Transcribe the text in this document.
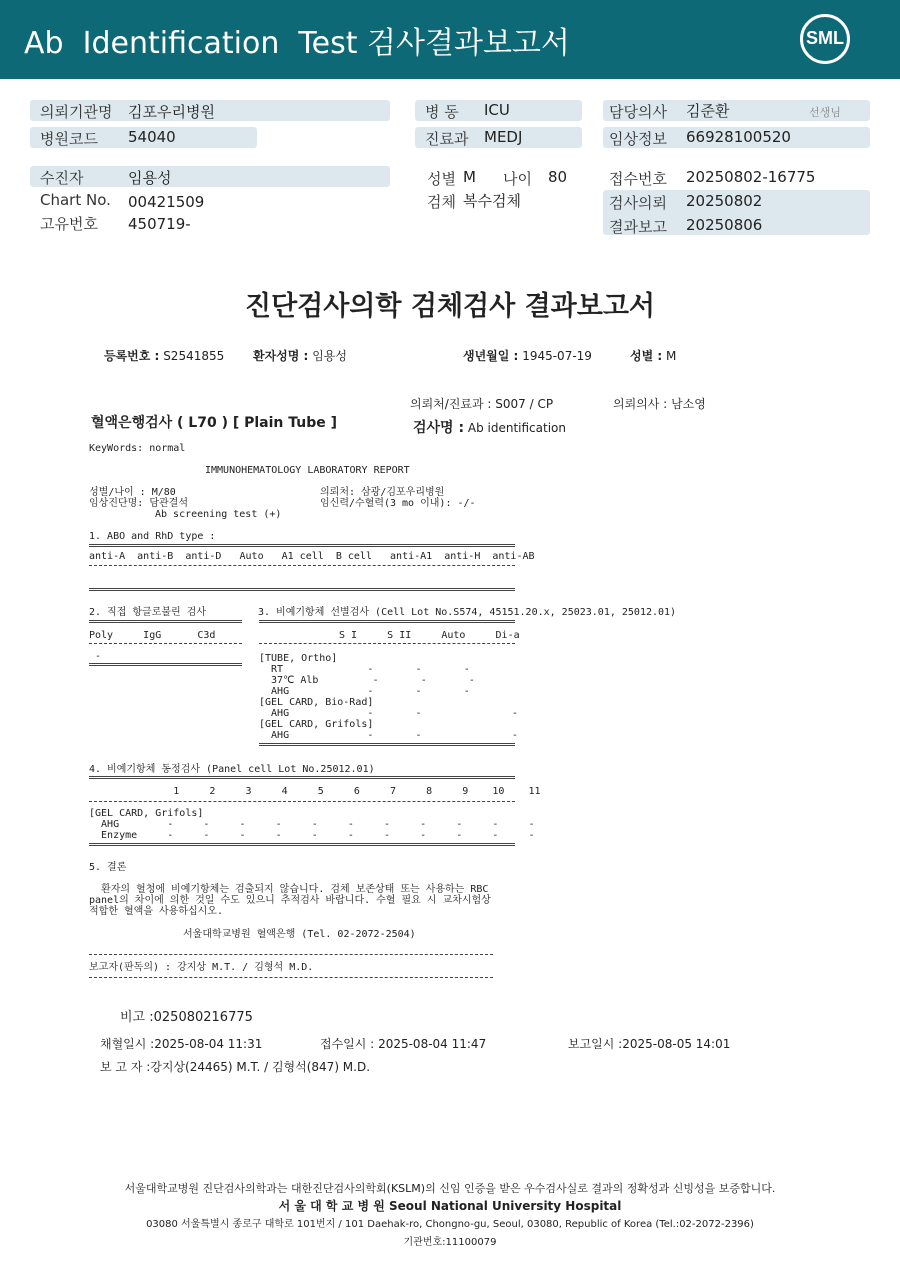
Ab  Identification  Test 검사결과보고서	SML
의뢰기관명 김포우리병원
병원코드 54040
병 동 ICU
진료과 MEDJ
담당의사 김준환	선생님
임상정보 66928100520
수진자	임용성
Chart No. 00421509
고유번호 450719-
성별 M 나이 80
검체 복수검체
접수번호 20250802-16775
검사의뢰 20250802
결과보고 20250806
진단검사의학 검체검사 결과보고서
등록번호 : S2541855 환자성명 : 임용성	생년월일 : 1945-07-19	성별 : M
의뢰처/진료과 : S007 / CP	의뢰의사 : 남소영
혈액은행검사 ( L70 ) [ Plain Tube ]	검사명 : Ab identification
KeyWords: normal
IMMUNOHEMATOLOGY LABORATORY REPORT
성별/나이 : M/80	의뢰처: 삼광/김포우리병원
임상진단명: 담관결석	임신력/수혈력(3 mo 이내): -/-
Ab screening test (+)
1. ABO and RhD type :
anti-A  anti-B  anti-D   Auto   A1 cell  B cell   anti-A1  anti-H  anti-AB
2. 직접 항글로불린 검사	3. 비예기항체 선별검사 (Cell Lot No.S574, 45151.20.x, 25023.01, 25012.01)
Poly     IgG      C3d	S I     S II     Auto     Di-a
-	[TUBE, Ortho]
RT              -       -       -
37℃ Alb         -       -       -
AHG             -       -       -
[GEL CARD, Bio-Rad]
AHG             -       -               -
[GEL CARD, Grifols]
AHG             -       -               -
4. 비예기항체 동정검사 (Panel cell Lot No.25012.01)
1     2     3     4     5     6     7     8     9    10    11
[GEL CARD, Grifols]
AHG        -     -     -     -     -     -     -     -     -     -     -
Enzyme     -     -     -     -     -     -     -     -     -     -     -
5. 결론
환자의 혈청에 비예기항체는 검출되지 않습니다. 검체 보존상태 또는 사용하는 RBC
panel의 차이에 의한 것일 수도 있으니 추적검사 바랍니다. 수혈 필요 시 교차시험상
적합한 혈액을 사용하십시오.
서울대학교병원 혈액은행 (Tel. 02-2072-2504)
보고자(판독의) : 강지상 M.T. / 김형석 M.D.
비고 :025080216775
채혈일시 :2025-08-04 11:31	접수일시 : 2025-08-04 11:47	보고일시 :2025-08-05 14:01
보 고 자 :강지상(24465) M.T. / 김형석(847) M.D.
서울대학교병원 진단검사의학과는 대한진단검사의학회(KSLM)의 신임 인증을 받은 우수검사실로 결과의 정확성과 신빙성을 보증합니다.
서 울 대 학 교 병 원 Seoul National University Hospital
03080 서울특별시 종로구 대학로 101번지 / 101 Daehak-ro, Chongno-gu, Seoul, 03080, Republic of Korea (Tel.:02-2072-2396)
기관번호:11100079
